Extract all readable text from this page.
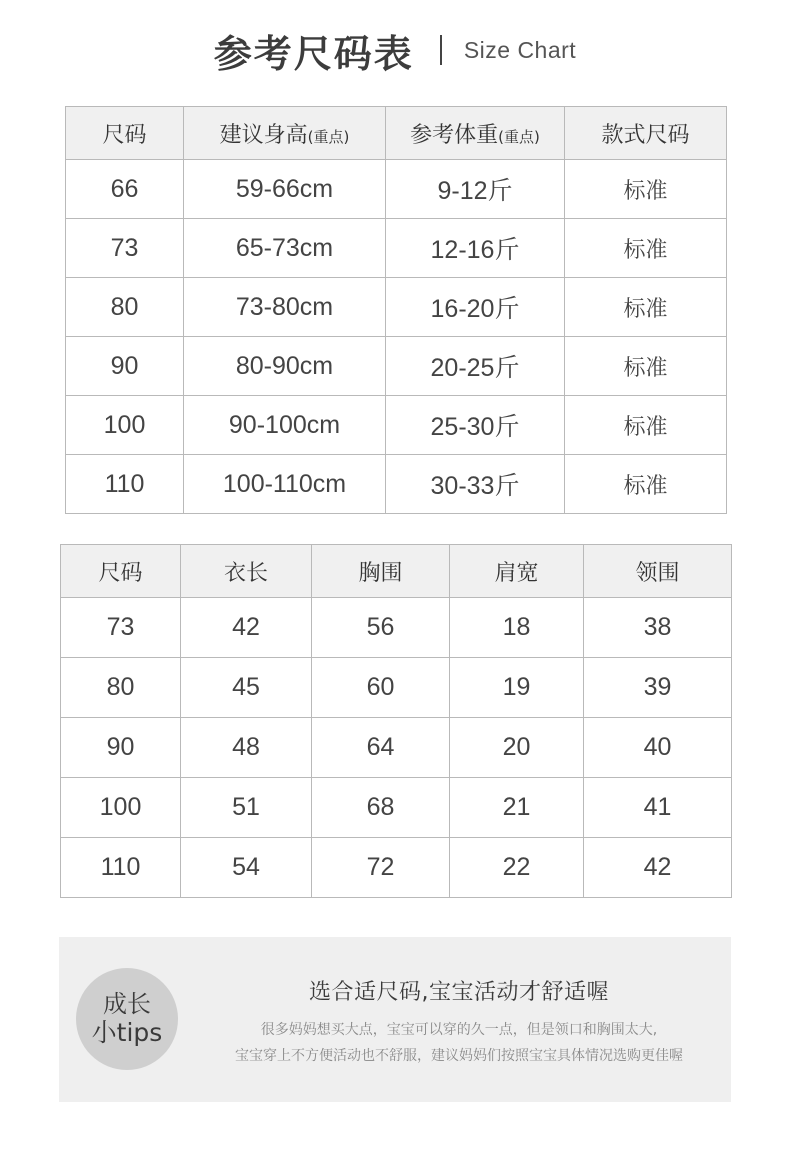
参考尺码表 Size Chart
尺码	建议身高(重点)	参考体重(重点)	款式尺码
66	59-66cm	9-12斤	标准
73	65-73cm	12-16斤	标准
80	73-80cm	16-20斤	标准
90	80-90cm	20-25斤	标准
100	90-100cm	25-30斤	标准
110	100-110cm	30-33斤	标准
尺码	衣长	胸围	肩宽	领围
73	42	56	18	38
80	45	60	19	39
90	48	64	20	40
100	51	68	21	41
110	54	72	22	42
成长
小tips
选合适尺码,宝宝活动才舒适喔
很多妈妈想买大点，宝宝可以穿的久一点，但是领口和胸围太大,
宝宝穿上不方便活动也不舒服，建议妈妈们按照宝宝具体情况选购更佳喔
